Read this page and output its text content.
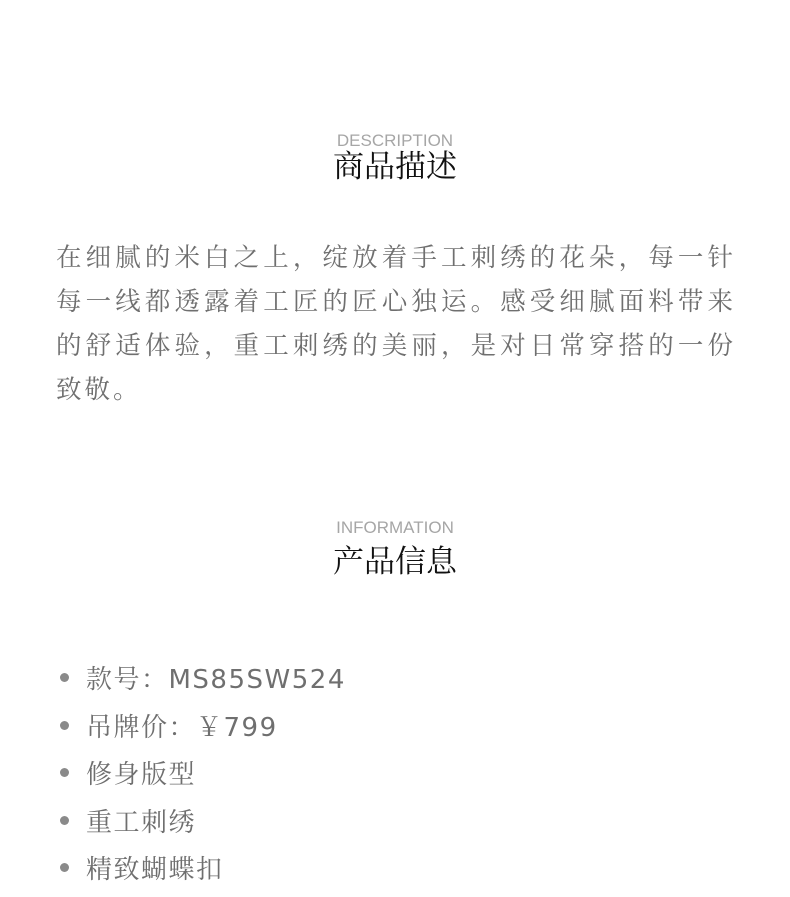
DESCRIPTION
商品描述

在细腻的米白之上，绽放着手工刺绣的花朵，每一针每一线都透露着工匠的匠心独运。感受细腻面料带来的舒适体验，重工刺绣的美丽，是对日常穿搭的一份致敬。

INFORMATION
产品信息
款号：MS85SW524
吊牌价：￥799
修身版型
重工刺绣
精致蝴蝶扣
